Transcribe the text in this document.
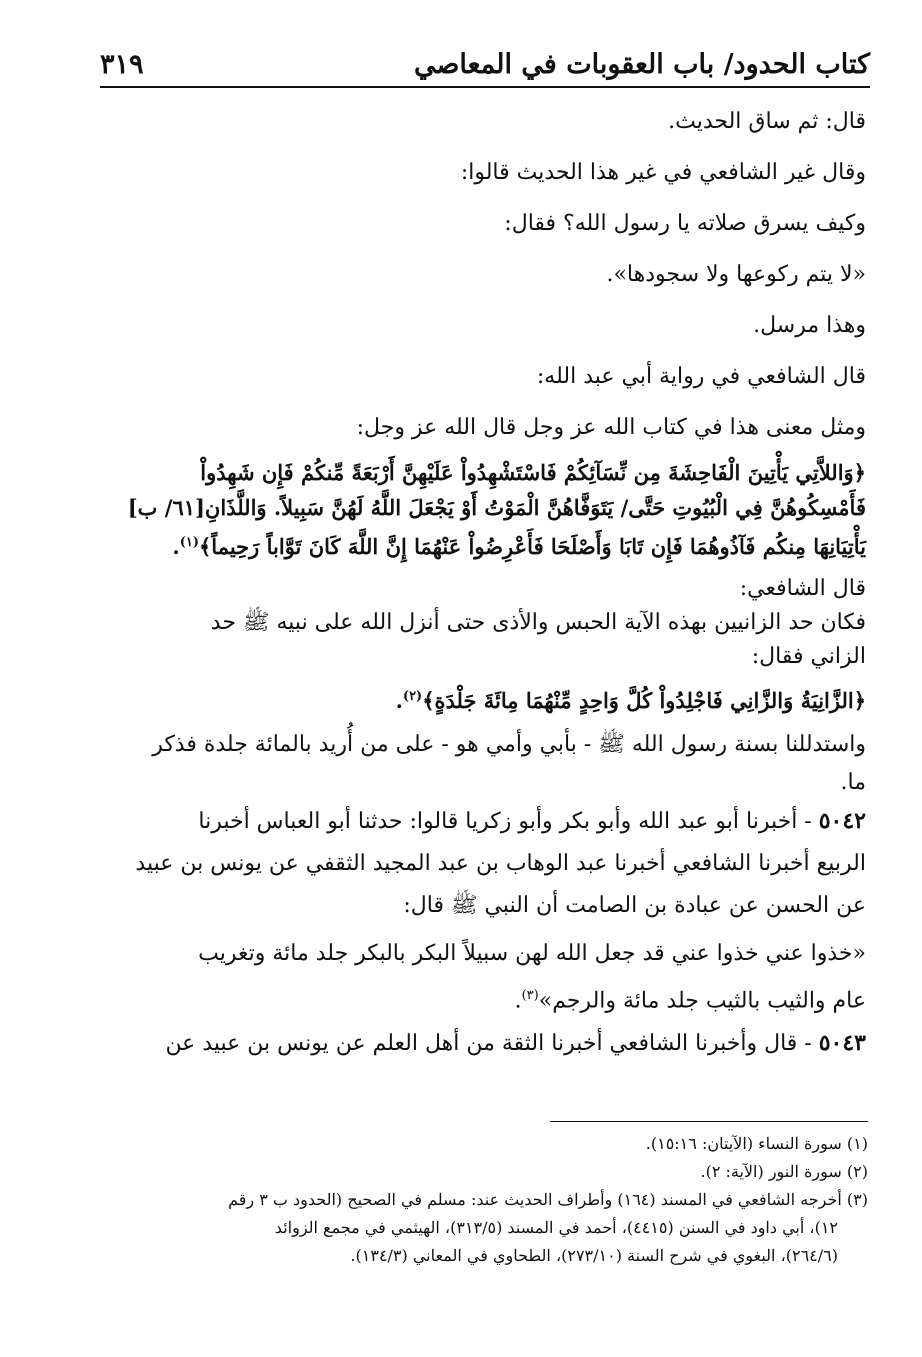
كتاب الحدود/ باب العقوبات في المعاصي
٣١٩

قال: ثم ساق الحديث.

وقال غير الشافعي في غير هذا الحديث قالوا:

وكيف يسرق صلاته يا رسول الله؟ فقال:

«لا يتم ركوعها ولا سجودها».

وهذا مرسل.

قال الشافعي في رواية أبي عبد الله:

ومثل معنى هذا في كتاب الله عز وجل قال الله عز وجل:

﴿وَاللاَّتِي يَأْتِينَ الْفَاحِشَةَ مِن نِّسَآئِكُمْ فَاسْتَشْهِدُواْ عَلَيْهِنَّ أَرْبَعَةً مِّنكُمْ فَإِن شَهِدُواْ

فَأَمْسِكُوهُنَّ فِي الْبُيُوتِ حَتَّى/ يَتَوَفَّاهُنَّ الْمَوْتُ أَوْ يَجْعَلَ اللَّهُ لَهُنَّ سَبِيلاً. وَاللَّذَانِ[٦١/ ب]

يَأْتِيَانِهَا مِنكُم فَآذُوهُمَا فَإِن تَابَا وَأَصْلَحَا فَأَعْرِضُواْ عَنْهُمَا إِنَّ اللَّهَ كَانَ تَوَّاباً رَحِيماً﴾$^{(١)}$.

قال الشافعي:

فكان حد الزانيين بهذه الآية الحبس والأذى حتى أنزل الله على نبيه ﷺ حد

الزاني فقال:

﴿الزَّانِيَةُ وَالزَّانِي فَاجْلِدُواْ كُلَّ وَاحِدٍ مِّنْهُمَا مِائَةَ جَلْدَةٍ﴾$^{(٢)}$.

واستدللنا بسنة رسول الله ﷺ - بأبي وأمي هو - على من أُريد بالمائة جلدة فذكر

ما.

٥٠٤٢ - أخبرنا أبو عبد الله وأبو بكر وأبو زكريا قالوا: حدثنا أبو العباس أخبرنا

الربيع أخبرنا الشافعي أخبرنا عبد الوهاب بن عبد المجيد الثقفي عن يونس بن عبيد

عن الحسن عن عبادة بن الصامت أن النبي ﷺ قال:

«خذوا عني خذوا عني قد جعل الله لهن سبيلاً البكر بالبكر جلد مائة وتغريب

عام والثيب بالثيب جلد مائة والرجم»$^{(٣)}$.

٥٠٤٣ - قال وأخبرنا الشافعي أخبرنا الثقة من أهل العلم عن يونس بن عبيد عن

(١) سورة النساء (الآيتان: ١٥:١٦).

(٢) سورة النور (الآية: ٢).

(٣) أخرجه الشافعي في المسند (١٦٤) وأطراف الحديث عند: مسلم في الصحيح (الحدود ب ٣ رقم

١٢)، أبي داود في السنن (٤٤١٥)، أحمد في المسند (٣١٣/٥)، الهيثمي في مجمع الزوائد

(٢٦٤/٦)، البغوي في شرح السنة (٢٧٣/١٠)، الطحاوي في المعاني (١٣٤/٣).
